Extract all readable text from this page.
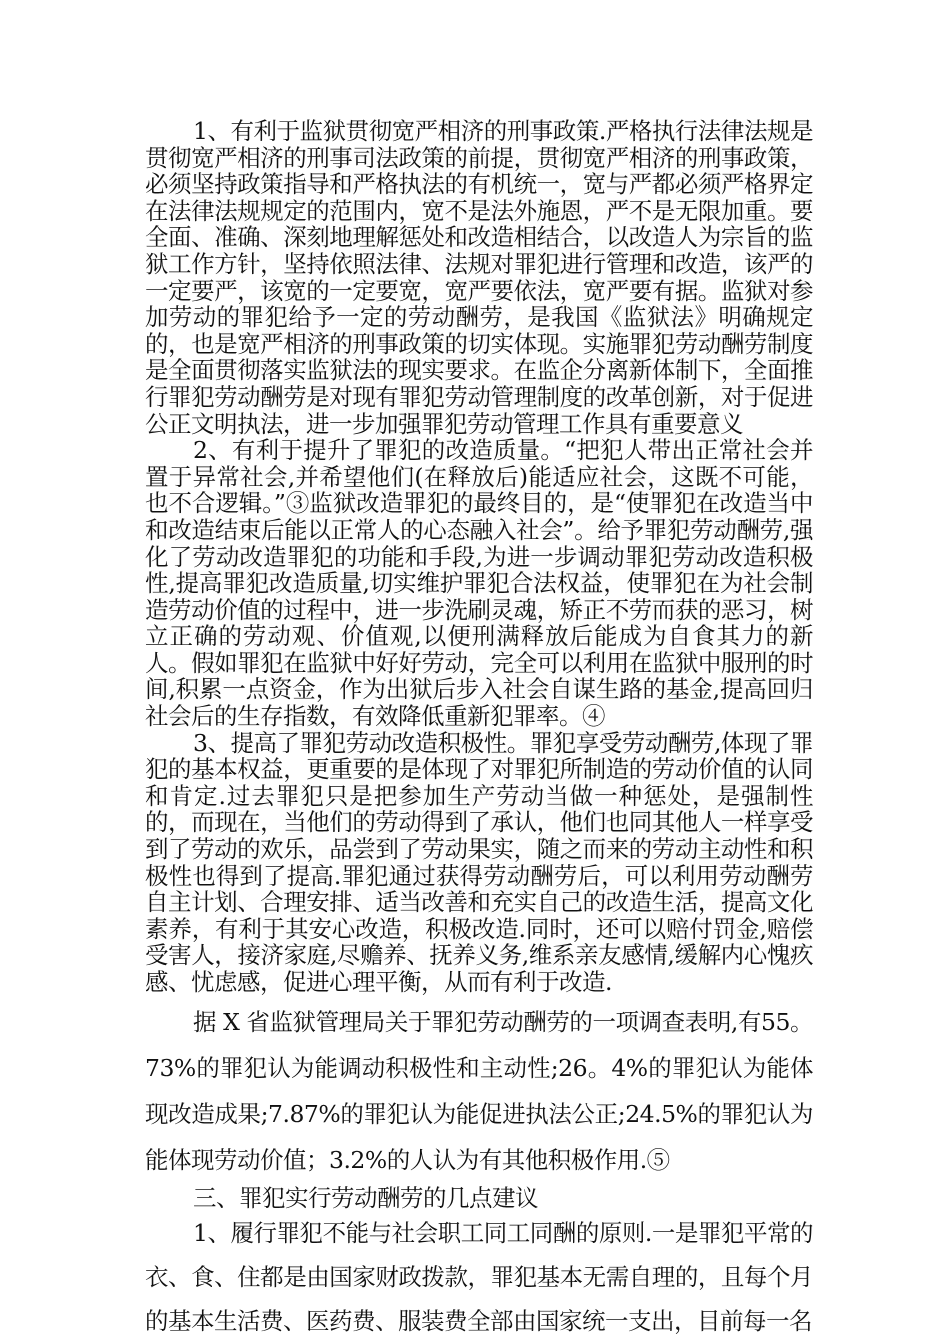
1、有利于监狱贯彻宽严相济的刑事政策.严格执行法律法规是贯彻宽严相济的刑事司法政策的前提，贯彻宽严相济的刑事政策，必须坚持政策指导和严格执法的有机统一，宽与严都必须严格界定在法律法规规定的范围内，宽不是法外施恩，严不是无限加重。要全面、准确、深刻地理解惩处和改造相结合，以改造人为宗旨的监狱工作方针，坚持依照法律、法规对罪犯进行管理和改造，该严的一定要严，该宽的一定要宽，宽严要依法，宽严要有据。监狱对参加劳动的罪犯给予一定的劳动酬劳，是我国《监狱法》明确规定的，也是宽严相济的刑事政策的切实体现。实施罪犯劳动酬劳制度是全面贯彻落实监狱法的现实要求。在监企分离新体制下，全面推行罪犯劳动酬劳是对现有罪犯劳动管理制度的改革创新，对于促进公正文明执法，进一步加强罪犯劳动管理工作具有重要意义

2、有利于提升了罪犯的改造质量。“把犯人带出正常社会并置于异常社会,并希望他们(在释放后)能适应社会，这既不可能，也不合逻辑。”③监狱改造罪犯的最终目的，是“使罪犯在改造当中和改造结束后能以正常人的心态融入社会”。给予罪犯劳动酬劳,强化了劳动改造罪犯的功能和手段,为进一步调动罪犯劳动改造积极性,提高罪犯改造质量,切实维护罪犯合法权益，使罪犯在为社会制造劳动价值的过程中，进一步洗刷灵魂，矫正不劳而获的恶习，树立正确的劳动观、价值观,以便刑满释放后能成为自食其力的新人。假如罪犯在监狱中好好劳动，完全可以利用在监狱中服刑的时间,积累一点资金，作为出狱后步入社会自谋生路的基金,提高回归社会后的生存指数，有效降低重新犯罪率。④

3、提高了罪犯劳动改造积极性。罪犯享受劳动酬劳,体现了罪犯的基本权益，更重要的是体现了对罪犯所制造的劳动价值的认同和肯定.过去罪犯只是把参加生产劳动当做一种惩处，是强制性的，而现在，当他们的劳动得到了承认，他们也同其他人一样享受到了劳动的欢乐，品尝到了劳动果实，随之而来的劳动主动性和积极性也得到了提高.罪犯通过获得劳动酬劳后，可以利用劳动酬劳自主计划、合理安排、适当改善和充实自己的改造生活，提高文化素养，有利于其安心改造，积极改造.同时，还可以赔付罚金,赔偿受害人，接济家庭,尽赡养、抚养义务,维系亲友感情,缓解内心愧疚感、忧虑感，促进心理平衡，从而有利于改造.

据 X 省监狱管理局关于罪犯劳动酬劳的一项调查表明,有55。73%的罪犯认为能调动积极性和主动性;26。4%的罪犯认为能体现改造成果;7.87%的罪犯认为能促进执法公正;24.5%的罪犯认为能体现劳动价值；3.2%的人认为有其他积极作用.⑤

三、罪犯实行劳动酬劳的几点建议

1、履行罪犯不能与社会职工同工同酬的原则.一是罪犯平常的衣、食、住都是由国家财政拨款，罪犯基本无需自理的，且每个月的基本生活费、医药费、服装费全部由国家统一支出，目前每一名
